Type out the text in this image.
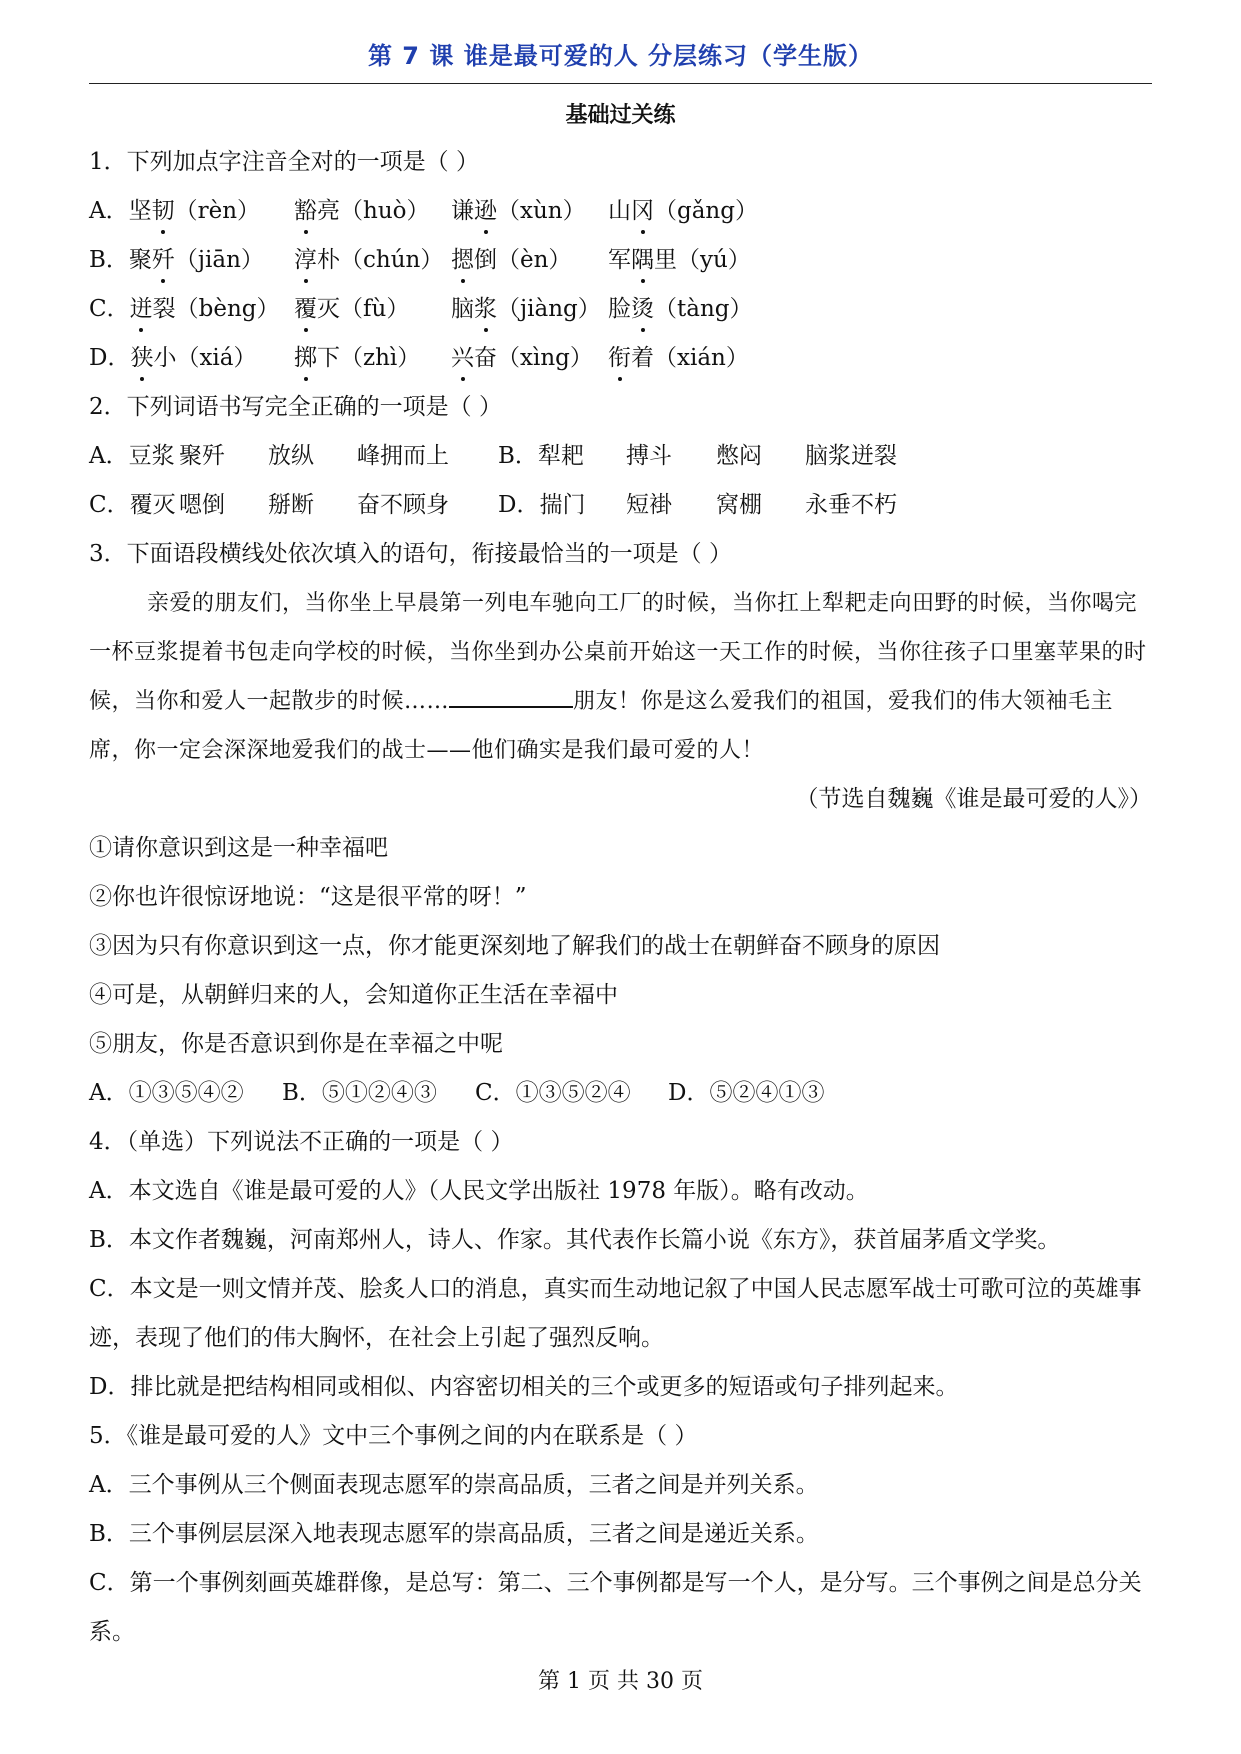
第 7 课 谁是最可爱的人 分层练习（学生版）
基础过关练
1．下列加点字注音全对的一项是（ ）
A．坚韧（rèn） 豁亮（huò） 谦逊（xùn） 山冈（gǎng）
B．聚歼（jiān） 淳朴（chún） 摁倒（èn） 军隅里（yú）
C．迸裂（bèng） 覆灭（fù） 脑浆（jiàng） 脸烫（tàng）
D．狭小（xiá） 掷下（zhì） 兴奋（xìng） 衔着（xián）
2．下列词语书写完全正确的一项是（ ）
A．豆浆 聚歼 放纵 峰拥而上 B．犁耙 搏斗 憋闷 脑浆迸裂
C．覆灭 嗯倒 掰断 奋不顾身 D．揣门 短褂 窝棚 永垂不朽
3．下面语段横线处依次填入的语句，衔接最恰当的一项是（ ）
亲爱的朋友们，当你坐上早晨第一列电车驰向工厂的时候，当你扛上犁耙走向田野的时候，当你喝完一杯豆浆提着书包走向学校的时候，当你坐到办公桌前开始这一天工作的时候，当你往孩子口里塞苹果的时候，当你和爱人一起散步的时候……	朋友！你是这么爱我们的祖国，爱我们的伟大领袖毛主席，你一定会深深地爱我们的战士——他们确实是我们最可爱的人！
（节选自魏巍《谁是最可爱的人》）
①请你意识到这是一种幸福吧
②你也许很惊讶地说：“这是很平常的呀！”
③因为只有你意识到这一点，你才能更深刻地了解我们的战士在朝鲜奋不顾身的原因
④可是，从朝鲜归来的人，会知道你正生活在幸福中
⑤朋友，你是否意识到你是在幸福之中呢
A．①③⑤④② B．⑤①②④③ C．①③⑤②④ D．⑤②④①③
4．（单选）下列说法不正确的一项是（ ）
A．本文选自《谁是最可爱的人》（人民文学出版社 1978 年版）。略有改动。
B．本文作者魏巍，河南郑州人，诗人、作家。其代表作长篇小说《东方》，获首届茅盾文学奖。
C．本文是一则文情并茂、脍炙人口的消息，真实而生动地记叙了中国人民志愿军战士可歌可泣的英雄事迹，表现了他们的伟大胸怀，在社会上引起了强烈反响。
D．排比就是把结构相同或相似、内容密切相关的三个或更多的短语或句子排列起来。
5．《谁是最可爱的人》文中三个事例之间的内在联系是（ ）
A．三个事例从三个侧面表现志愿军的崇高品质，三者之间是并列关系。
B．三个事例层层深入地表现志愿军的崇高品质，三者之间是递近关系。
C．第一个事例刻画英雄群像，是总写：第二、三个事例都是写一个人，是分写。三个事例之间是总分关系。
第 1 页 共 30 页
